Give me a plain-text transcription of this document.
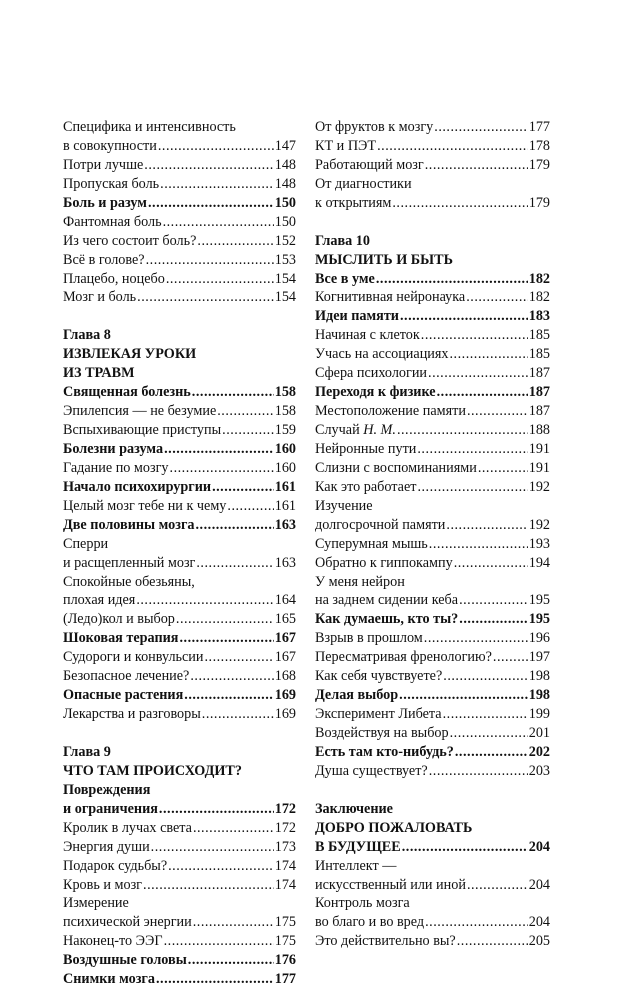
Специфика и интенсивность
в совокупности .....	147
Потри лучше .....	148
Пропуская боль .....	148
Боль и разум .....	150
Фантомная боль .....	150
Из чего состоит боль? .....	152
Всё в голове? .....	153
Плацебо, ноцебо .....	154
Мозг и боль .....	154
Глава 8
ИЗВЛЕКАЯ УРОКИ
ИЗ ТРАВМ
Священная болезнь .....	158
Эпилепсия — не безумие .....	158
Вспыхивающие приступы .....	159
Болезни разума .....	160
Гадание по мозгу .....	160
Начало психохирургии .....	161
Целый мозг тебе ни к чему .....	161
Две половины мозга .....	163
Сперри
и расщепленный мозг .....	163
Спокойные обезьяны,
плохая идея .....	164
(Ледо)кол и выбор .....	165
Шоковая терапия .....	167
Судороги и конвульсии .....	167
Безопасное лечение? .....	168
Опасные растения .....	169
Лекарства и разговоры .....	169
Глава 9
ЧТО ТАМ ПРОИСХОДИТ?
Повреждения
и ограничения .....	172
Кролик в лучах света .....	172
Энергия души .....	173
Подарок судьбы? .....	174
Кровь и мозг .....	174
Измерение
психической энергии .....	175
Наконец-то ЭЭГ .....	175
Воздушные головы .....	176
Снимки мозга .....	177
От фруктов к мозгу .....	177
КТ и ПЭТ .....	178
Работающий мозг .....	179
От диагностики
к открытиям .....	179
Глава 10
МЫСЛИТЬ И БЫТЬ
Все в уме .....	182
Когнитивная нейронаука .....	182
Идеи памяти .....	183
Начиная с клеток .....	185
Учась на ассоциациях .....	185
Сфера психологии .....	187
Переходя к физике .....	187
Местоположение памяти .....	187
Случай Н. М. .....	188
Нейронные пути .....	191
Слизни с воспоминаниями .....	191
Как это работает .....	192
Изучение
долгосрочной памяти .....	192
Суперумная мышь .....	193
Обратно к гиппокампу .....	194
У меня нейрон
на заднем сидении кеба .....	195
Как думаешь, кто ты? .....	195
Взрыв в прошлом .....	196
Пересматривая френологию? .....	197
Как себя чувствуете? .....	198
Делая выбор .....	198
Эксперимент Либета .....	199
Воздействуя на выбор .....	201
Есть там кто-нибудь? .....	202
Душа существует? .....	203
Заключение
ДОБРО ПОЖАЛОВАТЬ
В БУДУЩЕЕ .....	204
Интеллект —
искусственный или иной .....	204
Контроль мозга
во благо и во вред .....	204
Это действительно вы? .....	205
